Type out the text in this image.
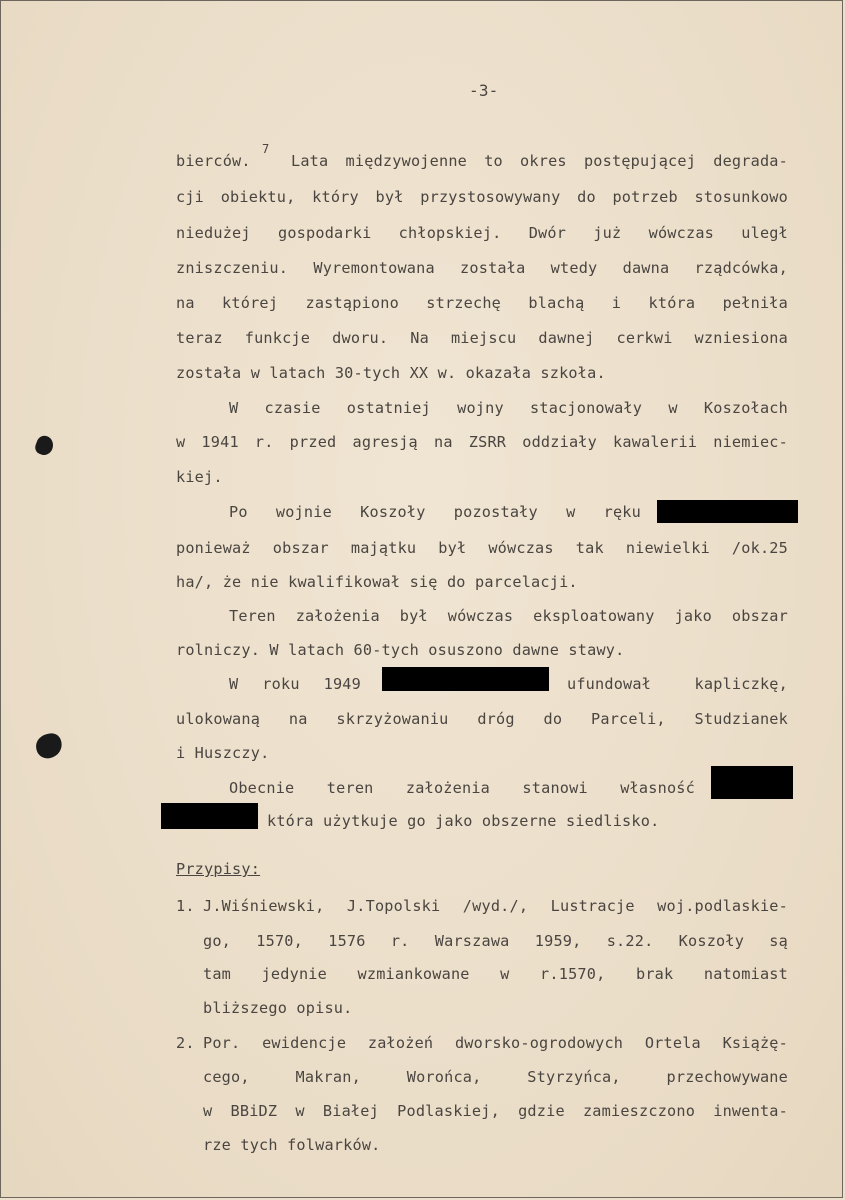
-3-
bierców.
7
Lata międzywojenne to okres postępującej degrada-
cji obiektu, który był przystosowywany do potrzeb stosunkowo
niedużej gospodarki chłopskiej. Dwór już wówczas uległ
zniszczeniu. Wyremontowana została wtedy dawna rządcówka,
na której zastąpiono strzechę blachą i która pełniła
teraz funkcje dworu. Na miejscu dawnej cerkwi wzniesiona
została w latach 30-tych XX w. okazała szkoła.
W czasie ostatniej wojny stacjonowały w Koszołach
w 1941 r. przed agresją na ZSRR oddziały kawalerii niemiec-
kiej.
Po wojnie Koszoły pozostały w ręku
ponieważ obszar majątku był wówczas tak niewielki /ok.25
ha/, że nie kwalifikował się do parcelacji.
Teren założenia był wówczas eksploatowany jako obszar
rolniczy. W latach 60-tych osuszono dawne stawy.
W roku 1949	ufundował kapliczkę,
ulokowaną na skrzyżowaniu dróg do Parceli, Studzianek
i Huszczy.
Obecnie teren założenia stanowi własność
która użytkuje go jako obszerne siedlisko.
Przypisy:
1. J.Wiśniewski, J.Topolski /wyd./, Lustracje woj.podlaskie-
go, 1570, 1576 r. Warszawa 1959, s.22. Koszoły są
tam jedynie wzmiankowane w r.1570, brak natomiast
bliższego opisu.
2. Por. ewidencje założeń dworsko-ogrodowych Ortela Książę-
cego, Makran, Worońca, Styrzyńca, przechowywane
w BBiDZ w Białej Podlaskiej, gdzie zamieszczono inwenta-
rze tych folwarków.
